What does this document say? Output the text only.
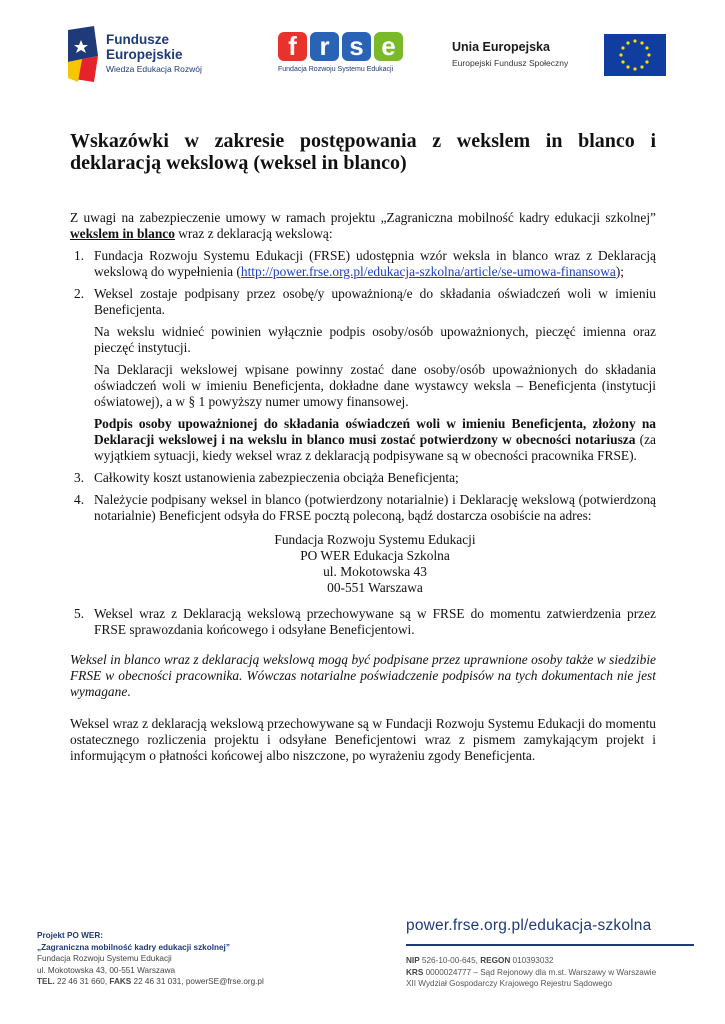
Fundusze
Europejskie
Wiedza Edukacja Rozwój
f r s e
Fundacja Rozwoju Systemu Edukacji
Unia Europejska
Europejski Fundusz Społeczny
Wskazówki w zakresie postępowania z wekslem in blanco i deklaracją wekslową (weksel in blanco)

Z uwagi na zabezpieczenie umowy w ramach projektu „Zagraniczna mobilność kadry edukacji szkolnej” wekslem in blanco wraz z deklaracją wekslową:

1. Fundacja Rozwoju Systemu Edukacji (FRSE) udostępnia wzór weksla in blanco wraz z Deklaracją wekslową do wypełnienia (http://power.frse.org.pl/edukacja-szkolna/article/se-umowa-finansowa);
2. Weksel zostaje podpisany przez osobę/y upoważnioną/e do składania oświadczeń woli w imieniu Beneficjenta.
Na wekslu widnieć powinien wyłącznie podpis osoby/osób upoważnionych, pieczęć imienna oraz pieczęć instytucji.
Na Deklaracji wekslowej wpisane powinny zostać dane osoby/osób upoważnionych do składania oświadczeń woli w imieniu Beneficjenta, dokładne dane wystawcy weksla – Beneficjenta (instytucji oświatowej), a w § 1 powyższy numer umowy finansowej.
Podpis osoby upoważnionej do składania oświadczeń woli w imieniu Beneficjenta, złożony na Deklaracji wekslowej i na wekslu in blanco musi zostać potwierdzony w obecności notariusza (za wyjątkiem sytuacji, kiedy weksel wraz z deklaracją podpisywane są w obecności pracownika FRSE).
3. Całkowity koszt ustanowienia zabezpieczenia obciąża Beneficjenta;
4. Należycie podpisany weksel in blanco (potwierdzony notarialnie) i Deklarację wekslową (potwierdzoną notarialnie) Beneficjent odsyła do FRSE pocztą poleconą, bądź dostarcza osobiście na adres:
Fundacja Rozwoju Systemu Edukacji
PO WER Edukacja Szkolna
ul. Mokotowska 43
00-551 Warszawa
5. Weksel wraz z Deklaracją wekslową przechowywane są w FRSE do momentu zatwierdzenia przez FRSE sprawozdania końcowego i odsyłane Beneficjentowi.

Weksel in blanco wraz z deklaracją wekslową mogą być podpisane przez uprawnione osoby także w siedzibie FRSE w obecności pracownika. Wówczas notarialne poświadczenie podpisów na tych dokumentach nie jest wymagane.

Weksel wraz z deklaracją wekslową przechowywane są w Fundacji Rozwoju Systemu Edukacji do momentu ostatecznego rozliczenia projektu i odsyłane Beneficjentowi wraz z pismem zamykającym projekt i informującym o płatności końcowej albo niszczone, po wyrażeniu zgody Beneficjenta.

Projekt PO WER:
„Zagraniczna mobilność kadry edukacji szkolnej”
Fundacja Rozwoju Systemu Edukacji
ul. Mokotowska 43, 00-551 Warszawa
TEL. 22 46 31 660, FAKS 22 46 31 031, powerSE@frse.org.pl
power.frse.org.pl/edukacja-szkolna
NIP 526-10-00-645, REGON 010393032
KRS 0000024777 – Sąd Rejonowy dla m.st. Warszawy w Warszawie
XII Wydział Gospodarczy Krajowego Rejestru Sądowego
